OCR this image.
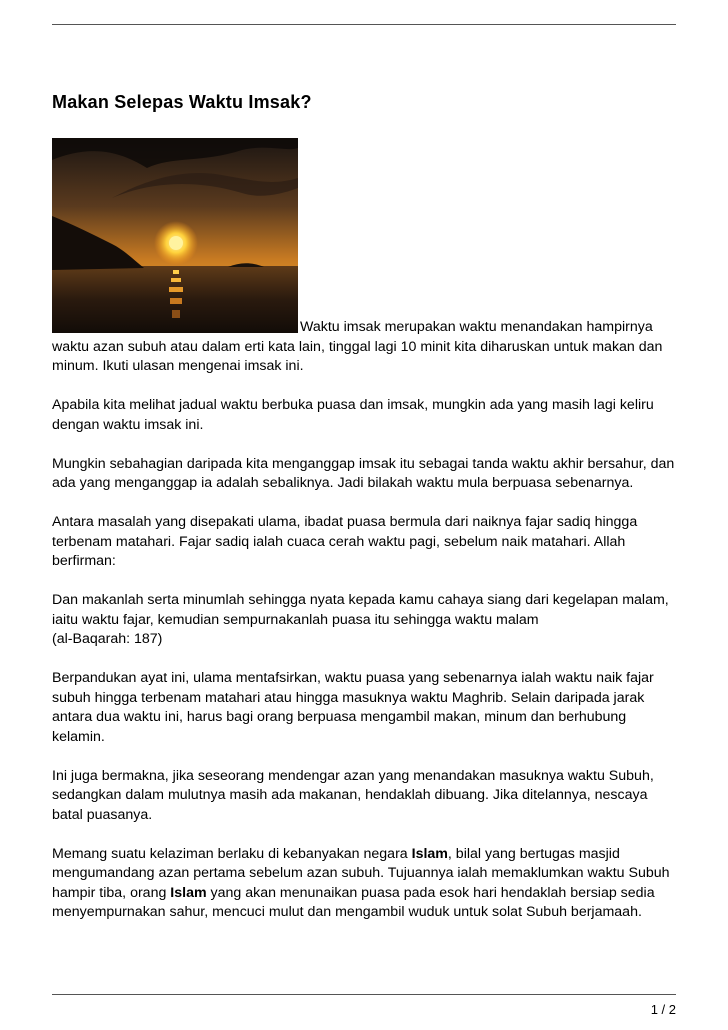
Makan Selepas Waktu Imsak?

Waktu imsak merupakan waktu menandakan hampirnya waktu azan subuh atau dalam erti kata lain, tinggal lagi 10 minit kita diharuskan untuk makan dan minum. Ikuti ulasan mengenai imsak ini.

Apabila kita melihat jadual waktu berbuka puasa dan imsak, mungkin ada yang masih lagi keliru dengan waktu imsak ini.

Mungkin sebahagian daripada kita menganggap imsak itu sebagai tanda waktu akhir bersahur, dan ada yang menganggap ia adalah sebaliknya. Jadi bilakah waktu mula berpuasa sebenarnya.

Antara masalah yang disepakati ulama, ibadat puasa bermula dari naiknya fajar sadiq hingga terbenam matahari. Fajar sadiq ialah cuaca cerah waktu pagi, sebelum naik matahari. Allah berfirman:

Dan makanlah serta minumlah sehingga nyata kepada kamu cahaya siang dari kegelapan malam, iaitu waktu fajar, kemudian sempurnakanlah puasa itu sehingga waktu malam
(al-Baqarah: 187)

Berpandukan ayat ini, ulama mentafsirkan, waktu puasa yang sebenarnya ialah waktu naik fajar subuh hingga terbenam matahari atau hingga masuknya waktu Maghrib. Selain daripada jarak antara dua waktu ini, harus bagi orang berpuasa mengambil makan, minum dan berhubung kelamin.

Ini juga bermakna, jika seseorang mendengar azan yang menandakan masuknya waktu Subuh, sedangkan dalam mulutnya masih ada makanan, hendaklah dibuang. Jika ditelannya, nescaya batal puasanya.

Memang suatu kelaziman berlaku di kebanyakan negara Islam, bilal yang bertugas masjid mengumandang azan pertama sebelum azan subuh. Tujuannya ialah memaklumkan waktu Subuh hampir tiba, orang Islam yang akan menunaikan puasa pada esok hari hendaklah bersiap sedia menyempurnakan sahur, mencuci mulut dan mengambil wuduk untuk solat Subuh berjamaah.

1 / 2
